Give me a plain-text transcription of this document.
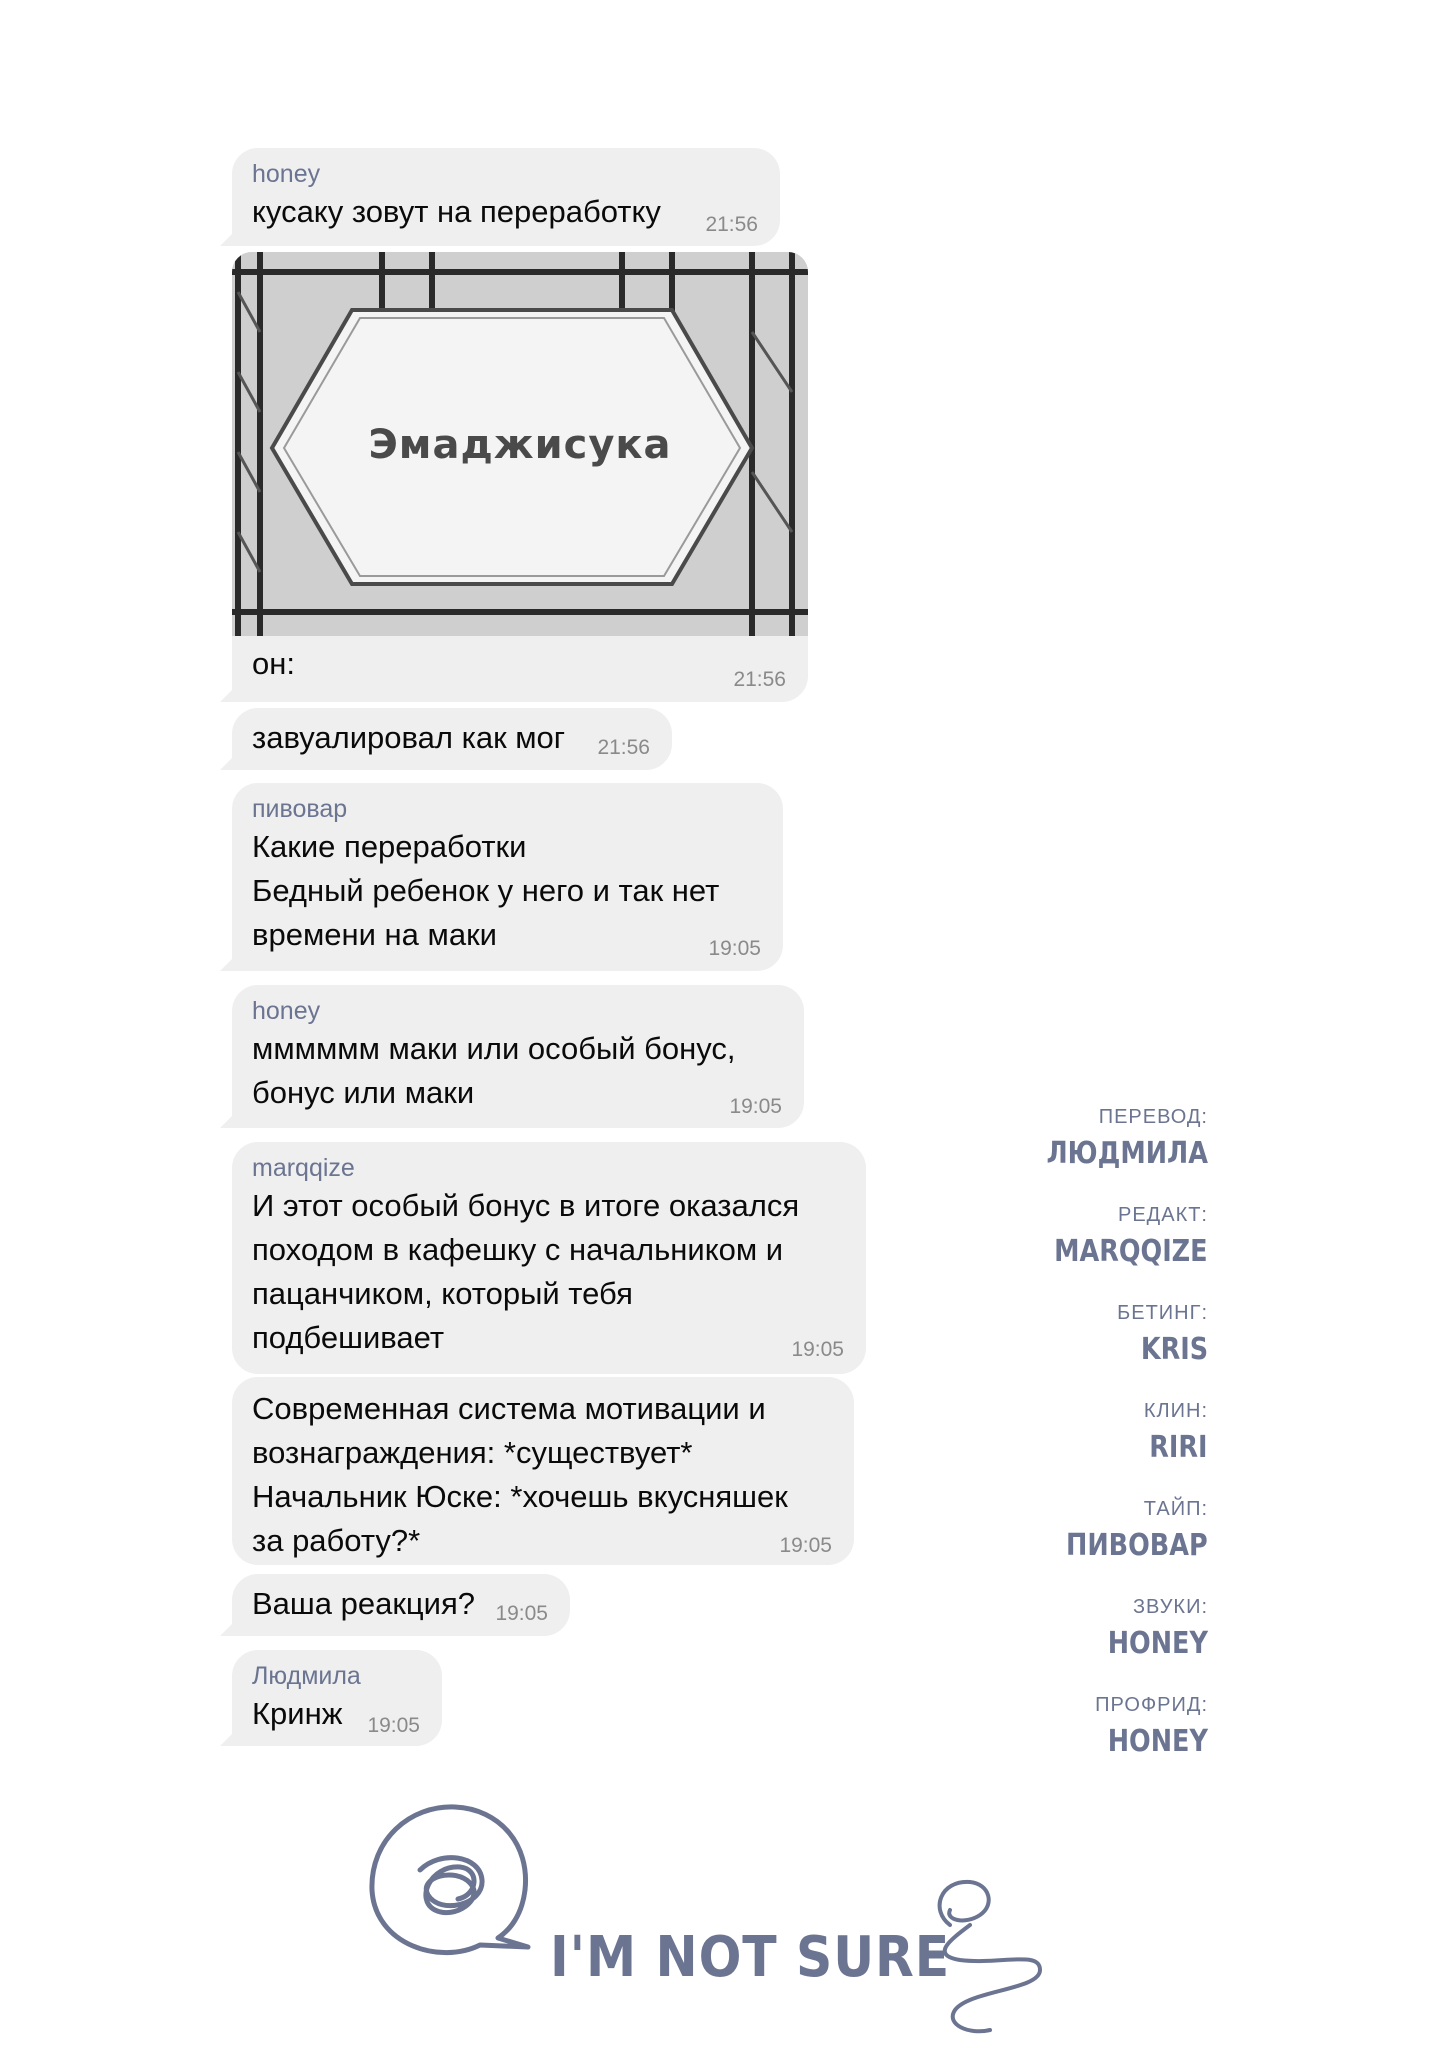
honey
кусаку зовут на переработку 21:56
Эмаджисука
он:	21:56
завуалировал как мог 21:56
пивовар
Какие переработки
Бедный ребенок у него и так нет
времени на маки	19:05
honey
мммммм маки или особый бонус,
бонус или маки	19:05
marqqize
И этот особый бонус в итоге оказался
походом в кафешку с начальником и
пацанчиком, который тебя
подбешивает	19:05
Современная система мотивации и
вознаграждения: *существует*
Начальник Юске: *хочешь вкусняшек
за работу?*	19:05
Ваша реакция? 19:05
Людмила
Кринж 19:05
ПЕРЕВОД:
ЛЮДМИЛА
РЕДАКТ:
MARQQIZE
БЕТИНГ:
KRIS
КЛИН:
RIRI
ТАЙП:
ПИВОВАР
ЗВУКИ:
HONEY
ПРОФРИД:
HONEY
I'M NOT SURE
